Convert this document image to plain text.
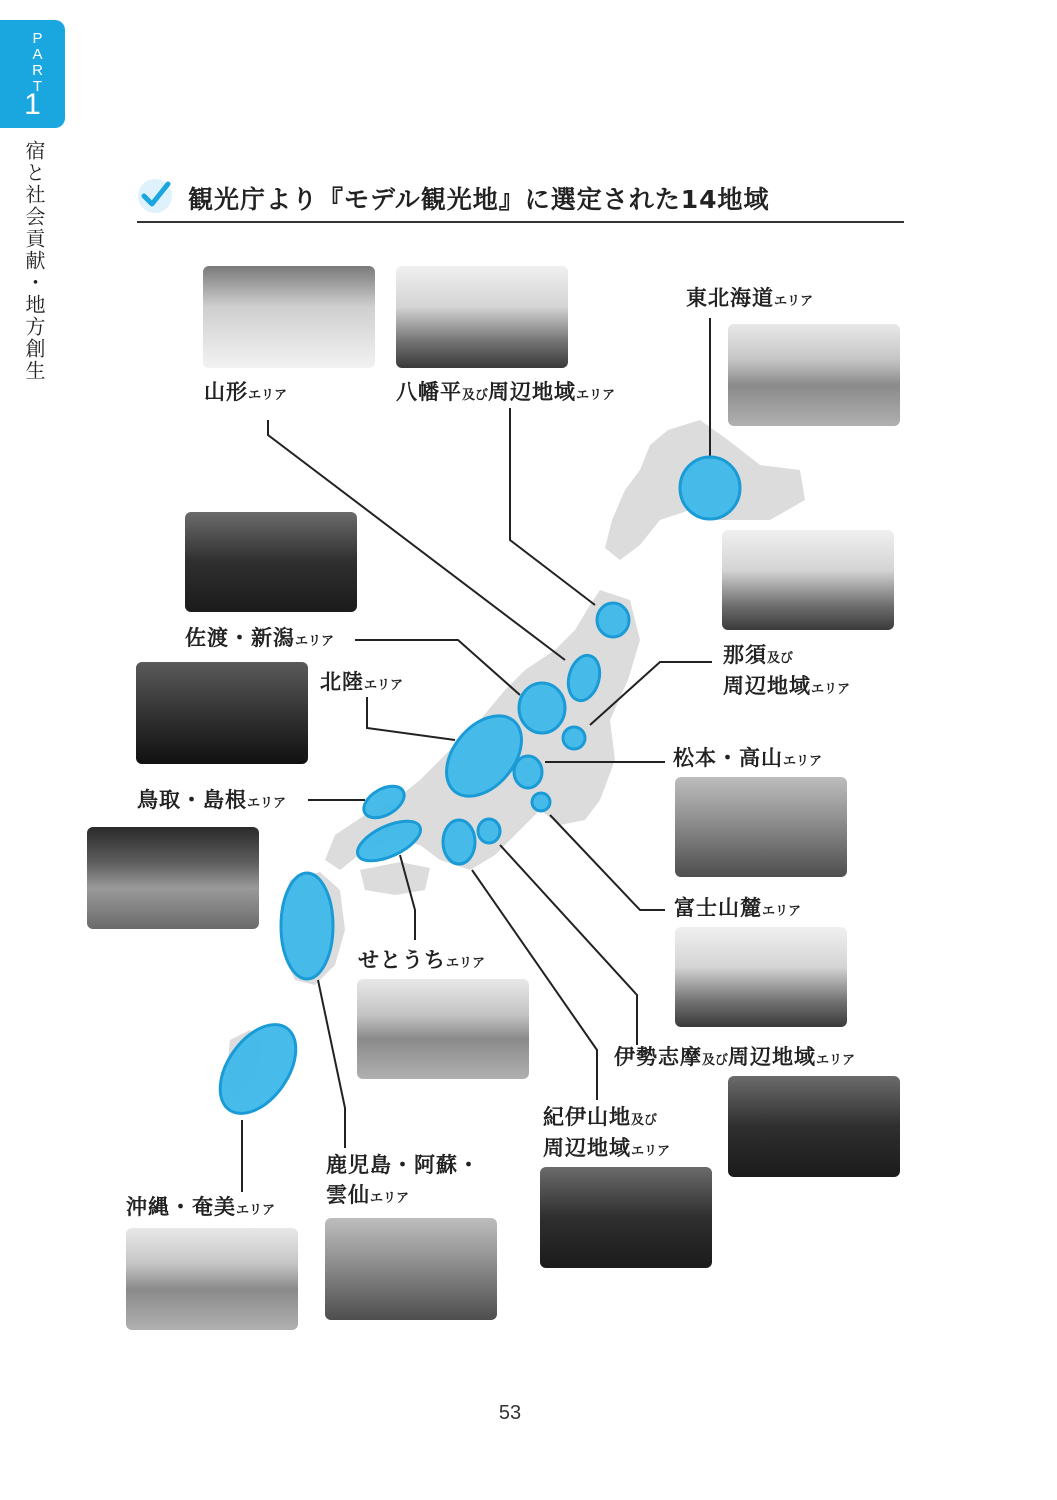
PART
1
宿と社会貢献・地方創生	観光庁より『モデル観光地』に選定された14地域
山形エリア	八幡平及び周辺地域エリア
東北海道エリア
佐渡・新潟エリア
北陸エリア
那須及び
周辺地域エリア
松本・高山エリア
鳥取・島根エリア
富士山麓エリア
せとうちエリア
伊勢志摩及び周辺地域エリア
紀伊山地及び
周辺地域エリア
鹿児島・阿蘇・
雲仙エリア
沖縄・奄美エリア
53
